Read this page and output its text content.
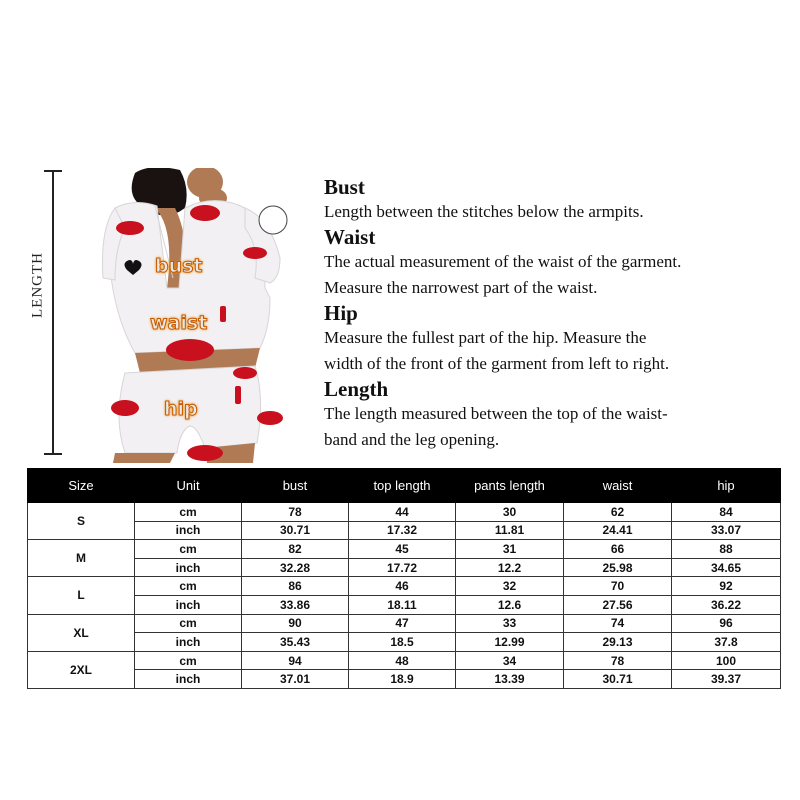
LENGTH	bust
waist
hip
Bust

Length between the stitches below the armpits.

Waist

The actual measurement of the waist of the garment.

Measure the narrowest part of the waist.

Hip

Measure the fullest part of the hip. Measure the

width of the front of the garment from left to right.

Length

The length measured between the top of the waist-

band and the leg opening.

Size	Unit	bust	top length	pants length	waist	hip
S	cm	78	44	30	62	84
	inch	30.71	17.32	11.81	24.41	33.07
M	cm	82	45	31	66	88
	inch	32.28	17.72	12.2	25.98	34.65
L	cm	86	46	32	70	92
	inch	33.86	18.11	12.6	27.56	36.22
XL	cm	90	47	33	74	96
	inch	35.43	18.5	12.99	29.13	37.8
2XL	cm	94	48	34	78	100
	inch	37.01	18.9	13.39	30.71	39.37
